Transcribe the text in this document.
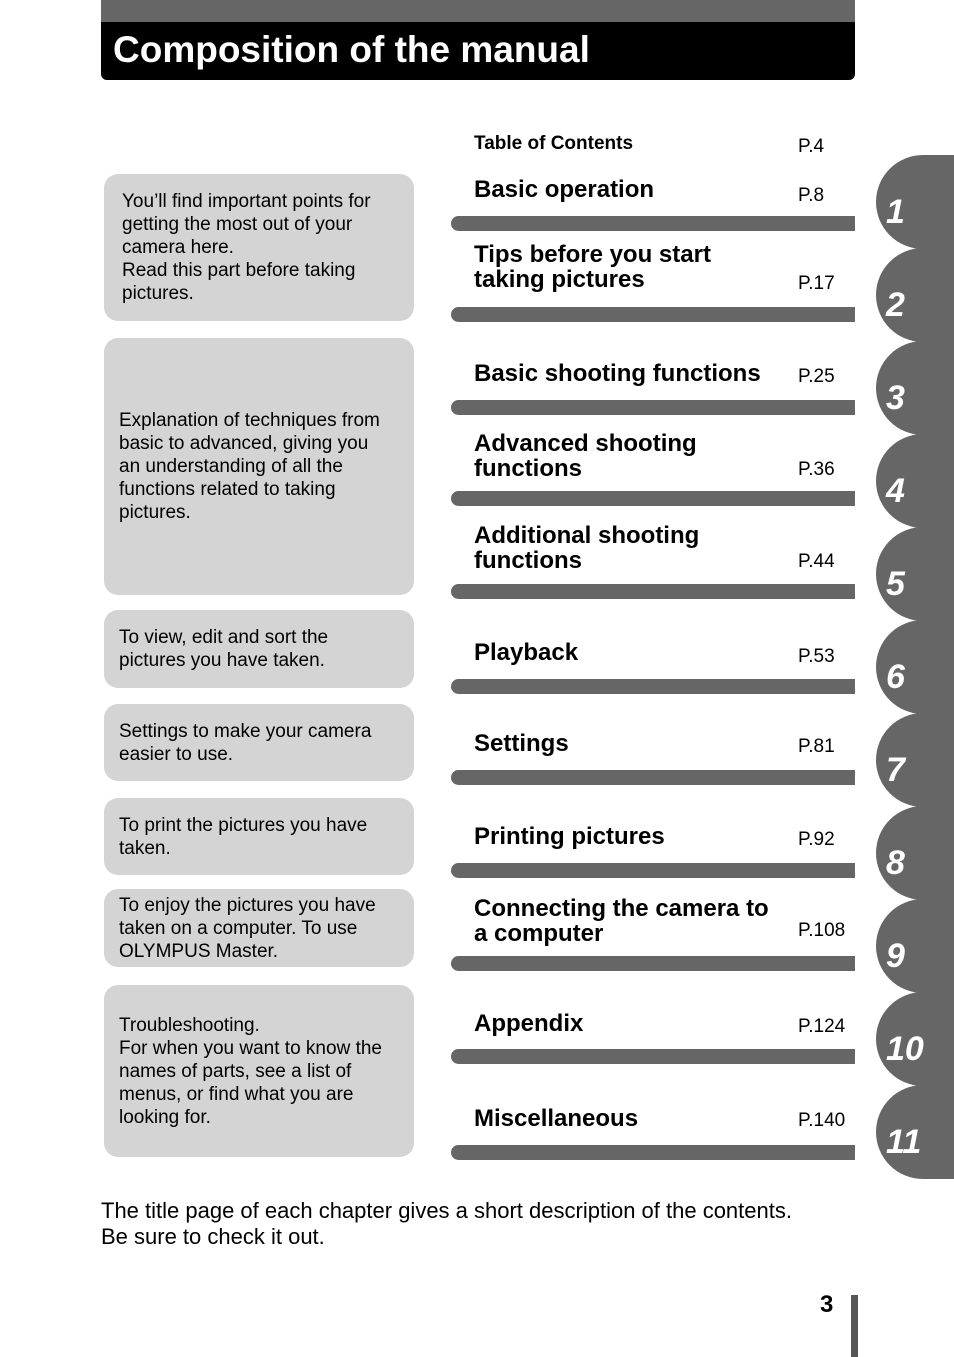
Composition of the manual
You’ll find important points for
getting the most out of your
camera here.
Read this part before taking
pictures.
Explanation of techniques from
basic to advanced, giving you
an understanding of all the
functions related to taking
pictures.
To view, edit and sort the
pictures you have taken.
Settings to make your camera
easier to use.
To print the pictures you have
taken.
To enjoy the pictures you have
taken on a computer. To use
OLYMPUS Master.
Troubleshooting.
For when you want to know the
names of parts, see a list of
menus, or find what you are
looking for.
Table of Contents	P.4
Basic operation	P.8
Tips before you start
taking pictures	P.17
Basic shooting functions P.25
Advanced shooting
functions	P.36
Additional shooting
functions	P.44
Playback	P.53
Settings	P.81
Printing pictures	P.92
Connecting the camera to
a computer	P.108
Appendix	P.124
Miscellaneous	P.140
1
2
3
4
5
6
7
8
9
10
11
The title page of each chapter gives a short description of the contents.
Be sure to check it out.
3
